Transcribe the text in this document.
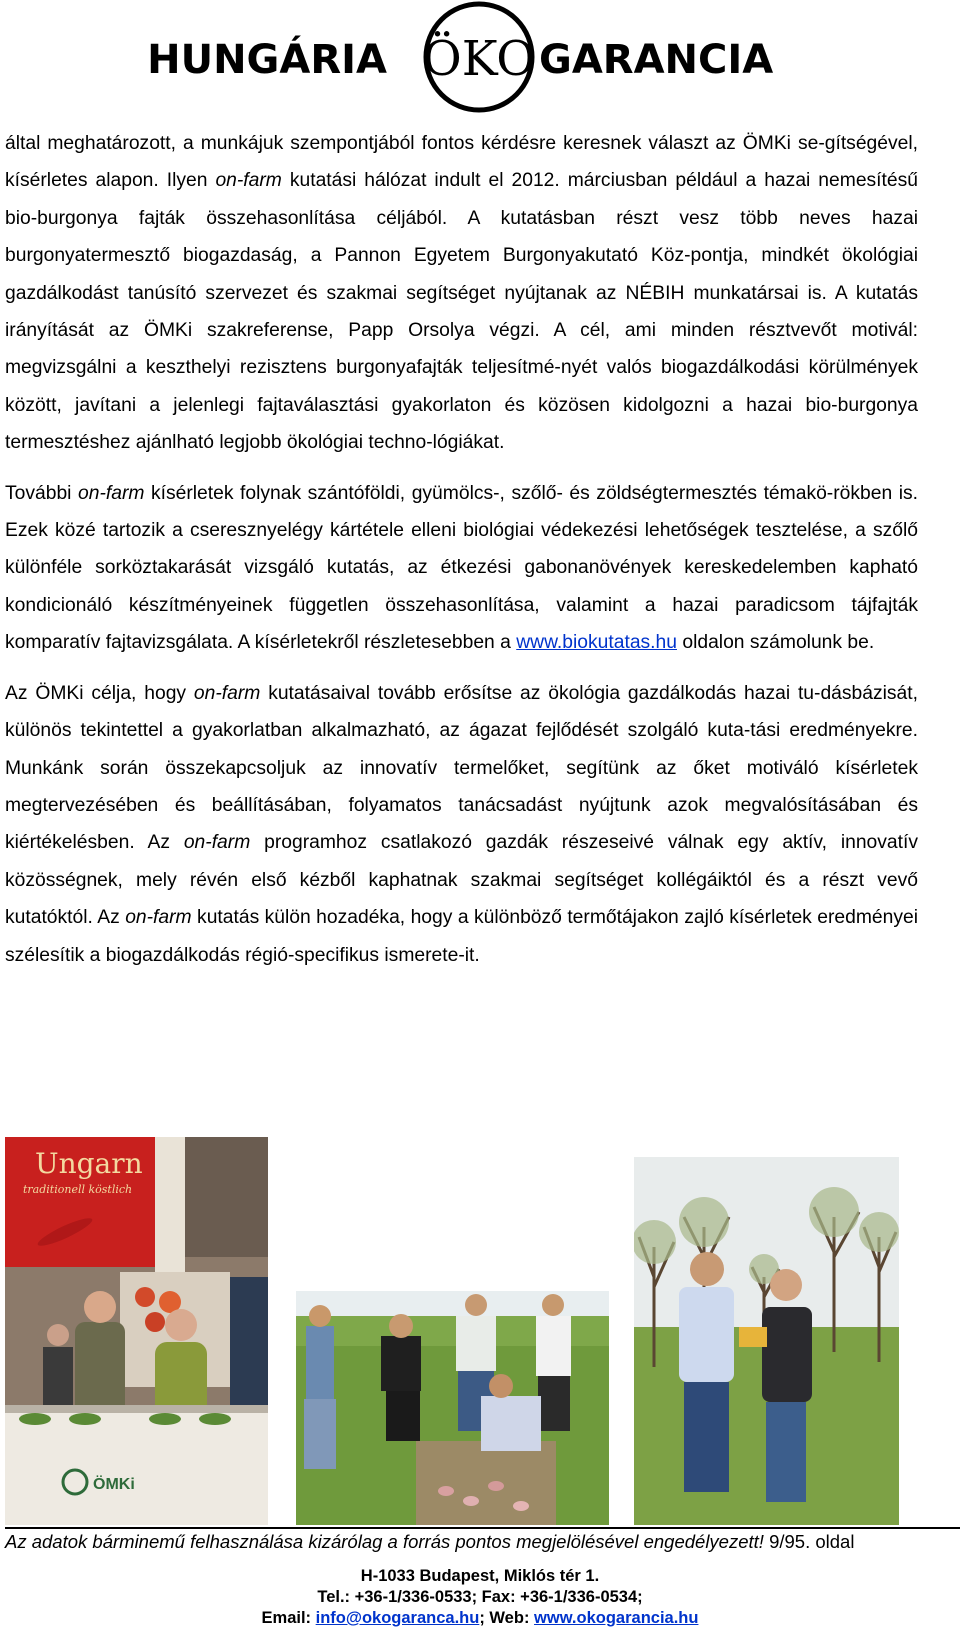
HUNGÁRIA ÖKO GARANCIA

által meghatározott, a munkájuk szempontjából fontos kérdésre keresnek választ az ÖMKi se-gítségével, kísérletes alapon. Ilyen on-farm kutatási hálózat indult el 2012. márciusban például a hazai nemesítésű bio-burgonya fajták összehasonlítása céljából. A kutatásban részt vesz több neves hazai burgonyatermesztő biogazdaság, a Pannon Egyetem Burgonyakutató Köz-pontja, mindkét ökológiai gazdálkodást tanúsító szervezet és szakmai segítséget nyújtanak az NÉBIH munkatársai is. A kutatás irányítását az ÖMKi szakreferense, Papp Orsolya végzi. A cél, ami minden résztvevőt motivál: megvizsgálni a keszthelyi rezisztens burgonyafajták teljesítmé-nyét valós biogazdálkodási körülmények között, javítani a jelenlegi fajtaválasztási gyakorlaton és közösen kidolgozni a hazai bio-burgonya termesztéshez ajánlható legjobb ökológiai techno-lógiákat.

További on-farm kísérletek folynak szántóföldi, gyümölcs-, szőlő- és zöldségtermesztés témakö-rökben is. Ezek közé tartozik a cseresznyelégy kártétele elleni biológiai védekezési lehetőségek tesztelése, a szőlő különféle sorköztakarását vizsgáló kutatás, az étkezési gabonanövények kereskedelemben kapható kondicionáló készítményeinek független összehasonlítása, valamint a hazai paradicsom tájfajták komparatív fajtavizsgálata. A kísérletekről részletesebben a www.biokutatas.hu oldalon számolunk be.

Az ÖMKi célja, hogy on-farm kutatásaival tovább erősítse az ökológia gazdálkodás hazai tu-dásbázisát, különös tekintettel a gyakorlatban alkalmazható, az ágazat fejlődését szolgáló kuta-tási eredményekre. Munkánk során összekapcsoljuk az innovatív termelőket, segítünk az őket motiváló kísérletek megtervezésében és beállításában, folyamatos tanácsadást nyújtunk azok megvalósításában és kiértékelésben. Az on-farm programhoz csatlakozó gazdák részeseivé válnak egy aktív, innovatív közösségnek, mely révén első kézből kaphatnak szakmai segítséget kollégáiktól és a részt vevő kutatóktól. Az on-farm kutatás külön hozadéka, hogy a különböző termőtájakon zajló kísérletek eredményei szélesítik a biogazdálkodás régió-specifikus ismerete-it.

Ungarn
traditionell köstlich
ÖMKi
Az adatok bárminemű felhasználása kizárólag a forrás pontos megjelölésével engedélyezett! 9/95. oldal
H-1033 Budapest, Miklós tér 1.
Tel.: +36-1/336-0533; Fax: +36-1/336-0534;
Email: info@okogaranca.hu; Web: www.okogarancia.hu
